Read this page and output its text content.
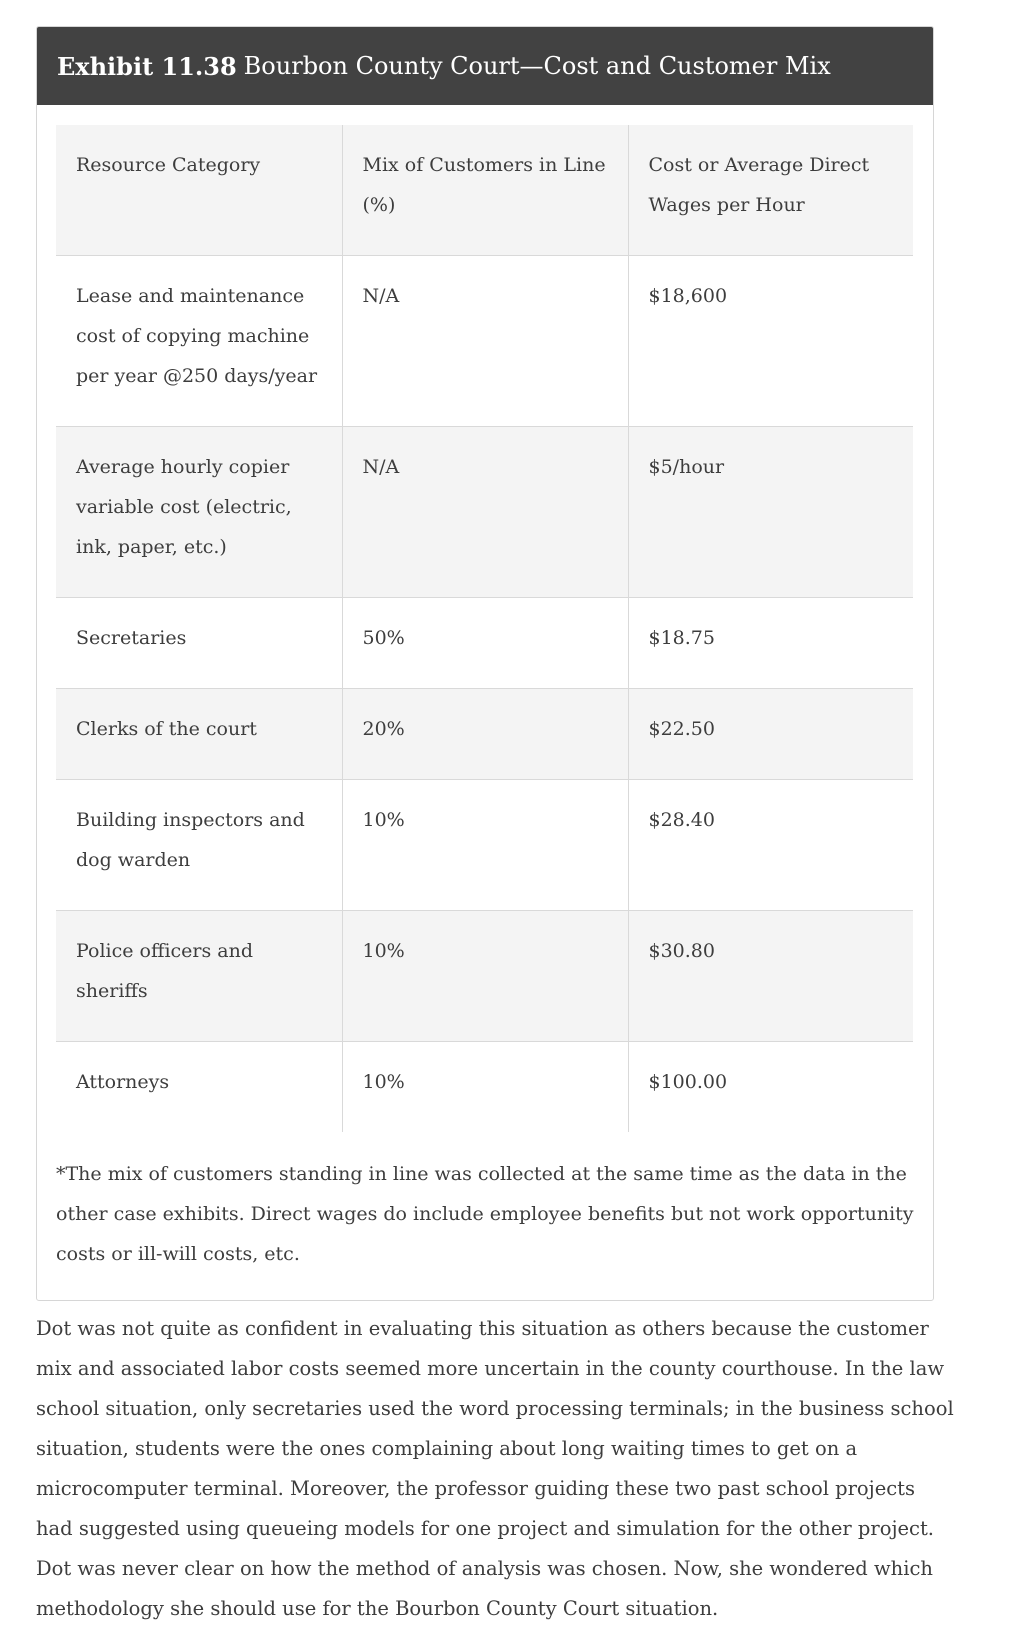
Exhibit 11.38 Bourbon County Court—Cost and Customer Mix
Resource Category	Mix of Customers in Line (%)	Cost or Average Direct Wages per Hour
Lease and maintenance cost of copying machine per year @250 days/year	N/A	$18,600
Average hourly copier variable cost (electric, ink, paper, etc.)	N/A	$5/hour
Secretaries	50%	$18.75
Clerks of the court	20%	$22.50
Building inspectors and dog warden	10%	$28.40
Police officers and sheriffs	10%	$30.80
Attorneys	10%	$100.00

*The mix of customers standing in line was collected at the same time as the data in the other case exhibits. Direct wages do include employee benefits but not work opportunity costs or ill-will costs, etc.

Dot was not quite as confident in evaluating this situation as others because the customer mix and associated labor costs seemed more uncertain in the county courthouse. In the law school situation, only secretaries used the word processing terminals; in the business school situation, students were the ones complaining about long waiting times to get on a microcomputer terminal. Moreover, the professor guiding these two past school projects had suggested using queueing models for one project and simulation for the other project. Dot was never clear on how the method of analysis was chosen. Now, she wondered which methodology she should use for the Bourbon County Court situation.
